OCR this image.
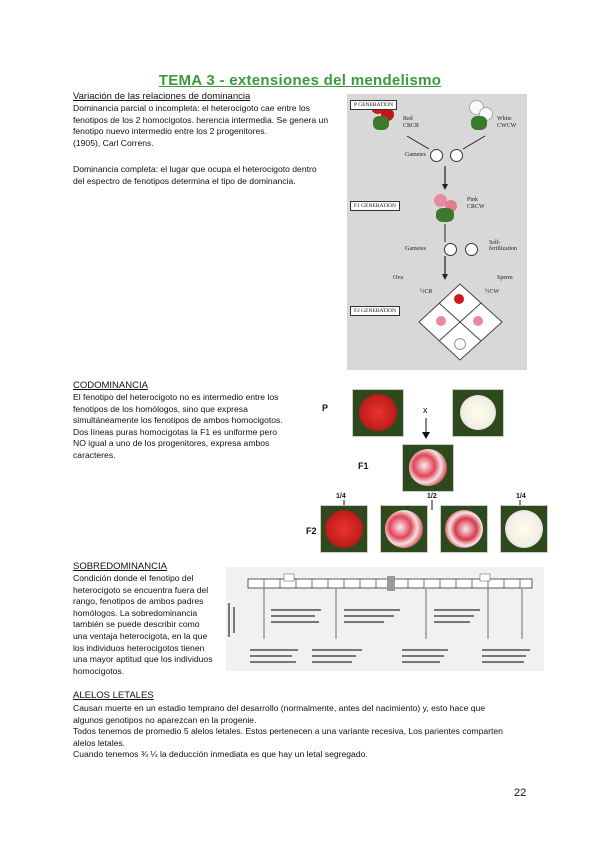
TEMA 3 - extensiones del mendelismo
Variación de las relaciones de dominancia
Dominancia parcial o incompleta: el heterocigoto cae entre los
fenotipos de los 2 homocigotos. herencia intermedia. Se genera un
fenotipo nuevo intermedio entre los 2 progenitores.
(1905), Carl Correns.
Dominancia completa: el lugar que ocupa el heterocigoto dentro
del espectro de fenotipos determina el tipo de dominancia.
P GENERATION
Red
CRCR
White
CWCW
Gametes
F1 GENERATION
Pink
CRCW
Gametes
Self-fertilization
Ova	Sperm
½CR	½CW
F2 GENERATION
CODOMINANCIA
El fenotipo del heterocigoto no es intermedio entre los
fenotipos de los homólogos, sino que expresa
simultáneamente los fenotipos de ambos homocigotos.
Dos líneas puras homocigotas la F1 es uniforme pero
NO igual a uno de los progenitores, expresa ambos
caracteres.
P	x
F1
1/4	1/2	1/4
F2
SOBREDOMINANCIA
Condición donde el fenotipo del
heterocigoto se encuentra fuera del
rango, fenotipos de ambos padres
homólogos. La sobredominancia
también se puede describir como
una ventaja heterocigota, en la que
los individuos heterocigotos tienen
una mayor aptitud que los individuos
homocigotos.
ALELOS LETALES
Causan muerte en un estadio temprano del desarrollo (normalmente, antes del nacimiento) y, esto hace que
algunos genotipos no aparezcan en la progenie.
Todos tenemos de promedio 5 alelos letales. Estos pertenecen a una variante recesiva, Los parientes comparten
alelos letales.
Cuando tenemos ¾ ¼ la deducción inmediata es que hay un letal segregado.
22
